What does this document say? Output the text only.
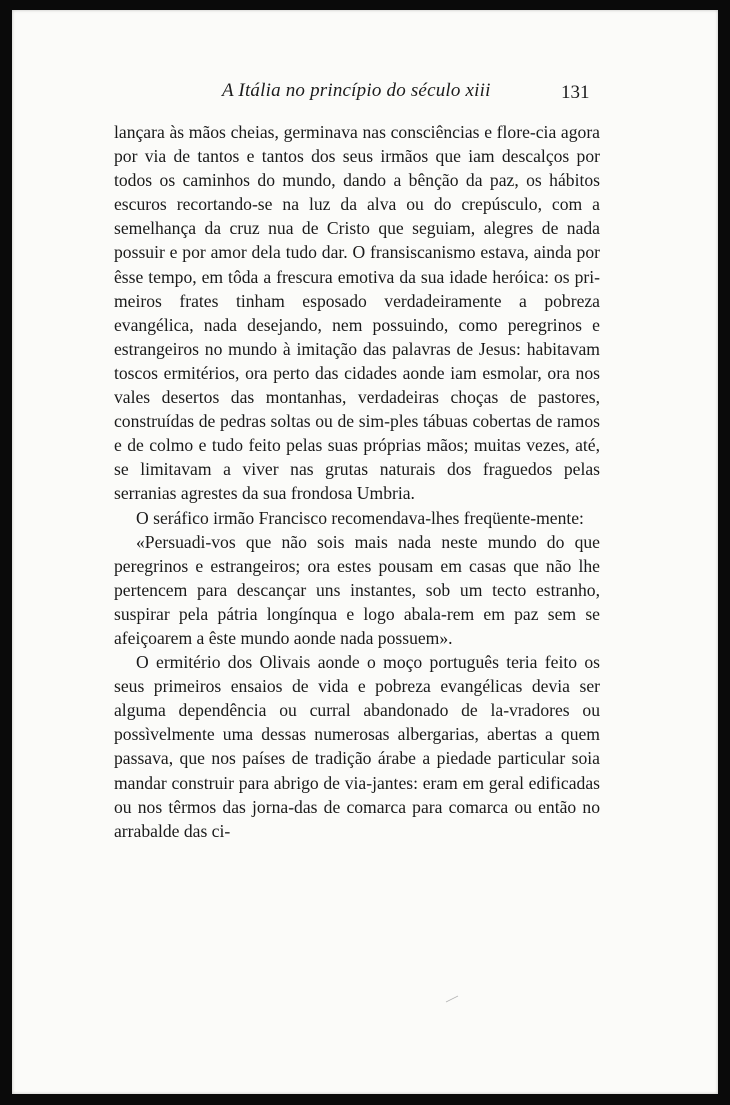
A Itália no princípio do século xiii	131

lançara às mãos cheias, germinava nas consciências e flore-cia agora por via de tantos e tantos dos seus irmãos que iam descalços por todos os caminhos do mundo, dando a bênção da paz, os hábitos escuros recortando-se na luz da alva ou do crepúsculo, com a semelhança da cruz nua de Cristo que seguiam, alegres de nada possuir e por amor dela tudo dar. O fransiscanismo estava, ainda por êsse tempo, em tôda a frescura emotiva da sua idade heróica: os pri-meiros frates tinham esposado verdadeiramente a pobreza evangélica, nada desejando, nem possuindo, como peregrinos e estrangeiros no mundo à imitação das palavras de Jesus: habitavam toscos ermitérios, ora perto das cidades aonde iam esmolar, ora nos vales desertos das montanhas, verdadeiras choças de pastores, construídas de pedras soltas ou de sim-ples tábuas cobertas de ramos e de colmo e tudo feito pelas suas próprias mãos; muitas vezes, até, se limitavam a viver nas grutas naturais dos fraguedos pelas serranias agrestes da sua frondosa Umbria.

O seráfico irmão Francisco recomendava-lhes freqüente-mente:

«Persuadi-vos que não sois mais nada neste mundo do que peregrinos e estrangeiros; ora estes pousam em casas que não lhe pertencem para descançar uns instantes, sob um tecto estranho, suspirar pela pátria longínqua e logo abala-rem em paz sem se afeiçoarem a êste mundo aonde nada possuem».

O ermitério dos Olivais aonde o moço português teria feito os seus primeiros ensaios de vida e pobreza evangélicas devia ser alguma dependência ou curral abandonado de la-vradores ou possìvelmente uma dessas numerosas albergarias, abertas a quem passava, que nos países de tradição árabe a piedade particular soia mandar construir para abrigo de via-jantes: eram em geral edificadas ou nos têrmos das jorna-das de comarca para comarca ou então no arrabalde das ci-
